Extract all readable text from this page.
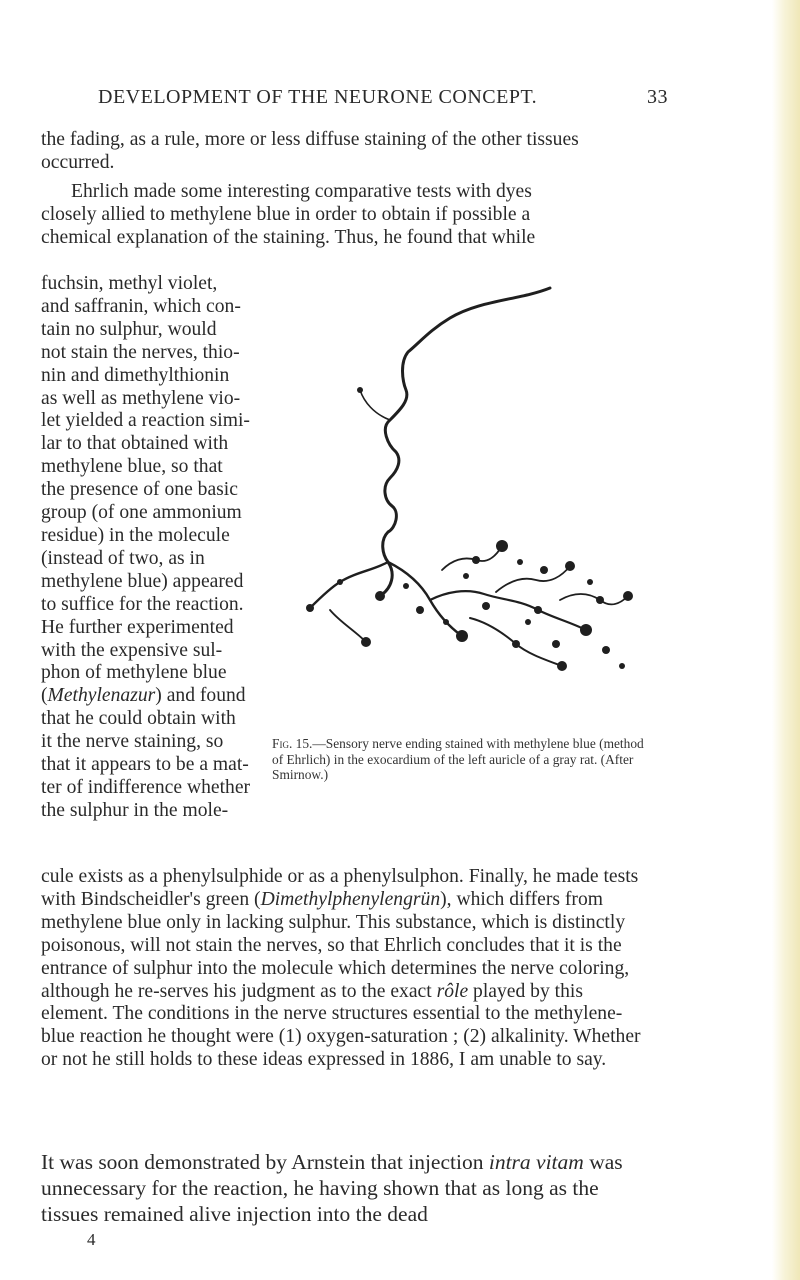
DEVELOPMENT OF THE NEURONE CONCEPT.	33

the fading, as a rule, more or less diffuse staining of the other tissues occurred.

Ehrlich made some interesting comparative tests with dyes
closely allied to methylene blue in order to obtain if possible a
chemical explanation of the staining. Thus, he found that while

fuchsin, methyl violet,
and saffranin, which con-
tain no sulphur, would
not stain the nerves, thio-
nin and dimethylthionin
as well as methylene vio-
let yielded a reaction simi-
lar to that obtained with
methylene blue, so that
the presence of one basic
group (of one ammonium
residue) in the molecule
(instead of two, as in
methylene blue) appeared
to suffice for the reaction.
He further experimented
with the expensive sul-
phon of methylene blue
(Methylenazur) and found
that he could obtain with
it the nerve staining, so
that it appears to be a mat-
ter of indifference whether
the sulphur in the mole-

Fig. 15.—Sensory nerve ending stained with methylene blue (method of Ehrlich) in the exocardium of the left auricle of a gray rat. (After Smirnow.)

cule exists as a phenylsulphide or as a phenylsulphon. Finally, he made tests with Bindscheidler's green (Dimethylphenylengrün), which differs from methylene blue only in lacking sulphur. This substance, which is distinctly poisonous, will not stain the nerves, so that Ehrlich concludes that it is the entrance of sulphur into the molecule which determines the nerve coloring, although he re-serves his judgment as to the exact rôle played by this element. The conditions in the nerve structures essential to the methylene-blue reaction he thought were (1) oxygen-saturation ; (2) alkalinity. Whether or not he still holds to these ideas expressed in 1886, I am unable to say.

It was soon demonstrated by Arnstein that injection intra vitam was unnecessary for the reaction, he having shown that as long as the tissues remained alive injection into the dead

4
